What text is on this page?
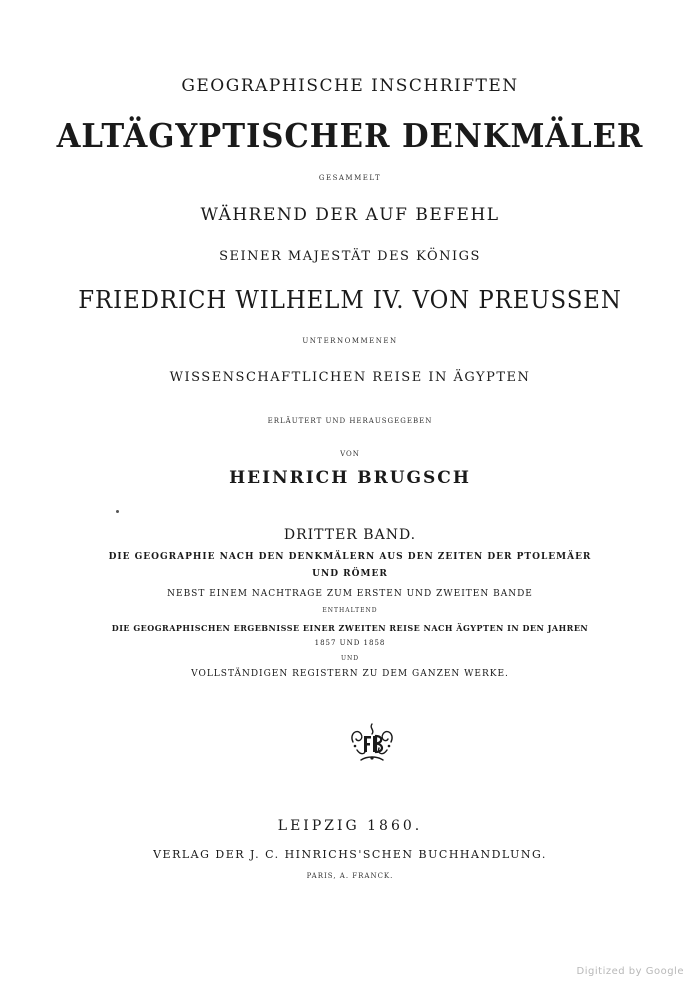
GEOGRAPHISCHE INSCHRIFTEN
ALTÄGYPTISCHER DENKMÄLER
GESAMMELT
WÄHREND DER AUF BEFEHL
SEINER MAJESTÄT DES KÖNIGS
FRIEDRICH WILHELM IV. VON PREUSSEN
UNTERNOMMENEN
WISSENSCHAFTLICHEN REISE IN ÄGYPTEN
ERLÄUTERT UND HERAUSGEGEBEN
VON
HEINRICH BRUGSCH
DRITTER BAND.
DIE GEOGRAPHIE NACH DEN DENKMÄLERN AUS DEN ZEITEN DER PTOLEMÄER
UND RÖMER
NEBST EINEM NACHTRAGE ZUM ERSTEN UND ZWEITEN BANDE
ENTHALTEND
DIE GEOGRAPHISCHEN ERGEBNISSE EINER ZWEITEN REISE NACH ÄGYPTEN IN DEN JAHREN
1857 UND 1858
UND
VOLLSTÄNDIGEN REGISTERN ZU DEM GANZEN WERKE.
LEIPZIG 1860.
VERLAG DER J. C. HINRICHS'SCHEN BUCHHANDLUNG.
PARIS, A. FRANCK.
Digitized by Google
